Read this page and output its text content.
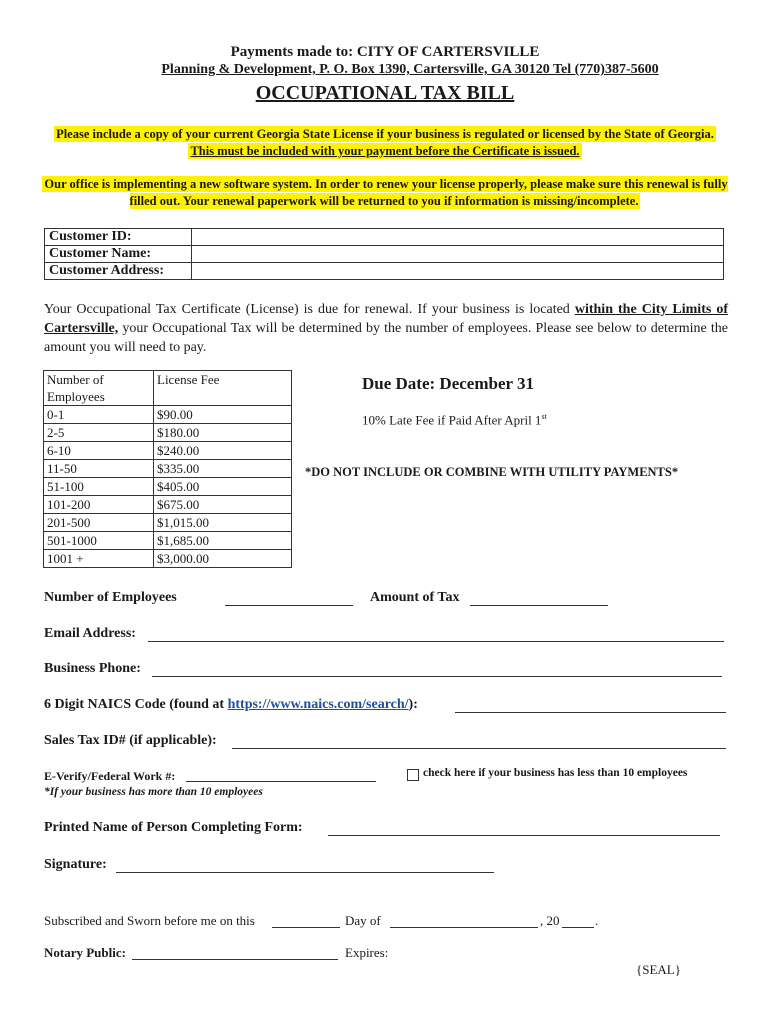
Payments made to: CITY OF CARTERSVILLE
Planning & Development, P. O. Box 1390, Cartersville, GA 30120 Tel (770)387-5600
OCCUPATIONAL TAX BILL
Please include a copy of your current Georgia State License if your business is regulated or licensed by the State of Georgia. This must be included with your payment before the Certificate is issued.
Our office is implementing a new software system. In order to renew your license properly, please make sure this renewal is fully filled out. Your renewal paperwork will be returned to you if information is missing/incomplete.
Customer ID:	
Customer Name:	
Customer Address:	
Your Occupational Tax Certificate (License) is due for renewal. If your business is located within the City Limits of Cartersville, your Occupational Tax will be determined by the number of employees. Please see below to determine the amount you will need to pay.
Number of Employees	License Fee
0-1	$90.00
2-5	$180.00
6-10	$240.00
11-50	$335.00
51-100	$405.00
101-200	$675.00
201-500	$1,015.00
501-1000	$1,685.00
1001 +	$3,000.00
Due Date: December 31
10% Late Fee if Paid After April 1st
*DO NOT INCLUDE OR COMBINE WITH UTILITY PAYMENTS*
Number of Employees	Amount of Tax
Email Address:
Business Phone:
6 Digit NAICS Code (found at https://www.naics.com/search/):
Sales Tax ID# (if applicable):
E-Verify/Federal Work #:	check here if your business has less than 10 employees
*If your business has more than 10 employees
Printed Name of Person Completing Form:
Signature:
Subscribed and Sworn before me on this	Day of	, 20	.
Notary Public:	Expires:
{SEAL}
